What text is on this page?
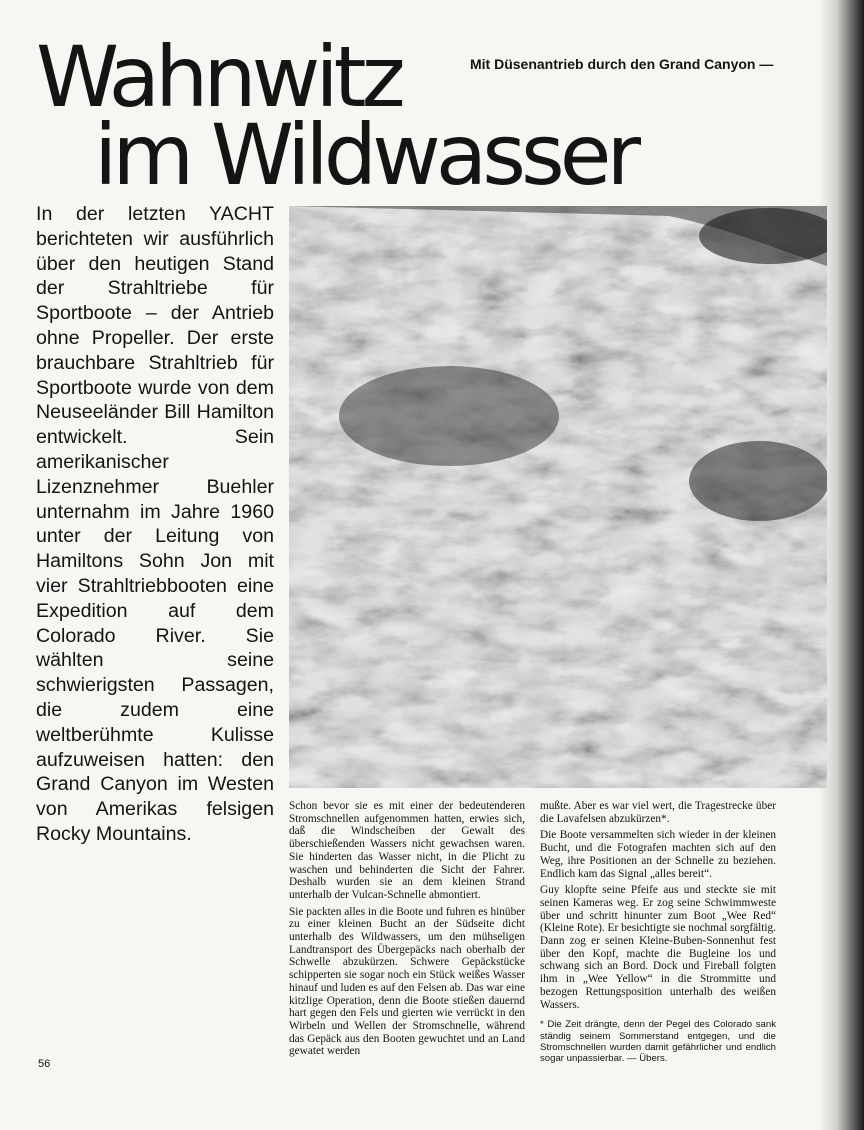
Mit Düsenantrieb durch den Grand Canyon —
Wahnwitz
im Wildwasser

In der letzten YACHT berichteten wir ausführlich über den heutigen Stand der Strahltriebe für Sportboote – der Antrieb ohne Propeller. Der erste brauchbare Strahltrieb für Sportboote wurde von dem Neuseeländer Bill Hamilton entwickelt. Sein amerikanischer Lizenznehmer Buehler unternahm im Jahre 1960 unter der Leitung von Hamiltons Sohn Jon mit vier Strahltriebbooten eine Expedition auf dem Colorado River. Sie wählten seine schwierigsten Passagen, die zudem eine weltberühmte Kulisse aufzuweisen hatten: den Grand Canyon im Westen von Amerikas felsigen Rocky Mountains.

Schon bevor sie es mit einer der bedeutenderen Stromschnellen aufgenommen hatten, erwies sich, daß die Windscheiben der Gewalt des überschießenden Wassers nicht gewachsen waren. Sie hinderten das Wasser nicht, in die Plicht zu waschen und behinderten die Sicht der Fahrer. Deshalb wurden sie an dem kleinen Strand unterhalb der Vulcan-Schnelle abmontiert.

Sie packten alles in die Boote und fuhren es hinüber zu einer kleinen Bucht an der Südseite dicht unterhalb des Wildwassers, um den mühseligen Landtransport des Übergepäcks nach oberhalb der Schwelle abzukürzen. Schwere Gepäckstücke schipperten sie sogar noch ein Stück weißes Wasser hinauf und luden es auf den Felsen ab. Das war eine kitzlige Operation, denn die Boote stießen dauernd hart gegen den Fels und gierten wie verrückt in den Wirbeln und Wellen der Stromschnelle, während das Gepäck aus den Booten gewuchtet und an Land gewatet werden

mußte. Aber es war viel wert, die Tragestrecke über die Lavafelsen abzukürzen*.

Die Boote versammelten sich wieder in der kleinen Bucht, und die Fotografen machten sich auf den Weg, ihre Positionen an der Schnelle zu beziehen. Endlich kam das Signal „alles bereit“.

Guy klopfte seine Pfeife aus und steckte sie mit seinen Kameras weg. Er zog seine Schwimmweste über und schritt hinunter zum Boot „Wee Red“ (Kleine Rote). Er besichtigte sie nochmal sorgfältig. Dann zog er seinen Kleine-Buben-Sonnenhut fest über den Kopf, machte die Bugleine los und schwang sich an Bord. Dock und Fireball folgten ihm in „Wee Yellow“ in die Strommitte und bezogen Rettungsposition unterhalb des weißen Wassers.

* Die Zeit drängte, denn der Pegel des Colorado sank ständig seinem Sommerstand entgegen, und die Stromschnellen wurden damit gefährlicher und endlich sogar unpassierbar. — Übers.

56
